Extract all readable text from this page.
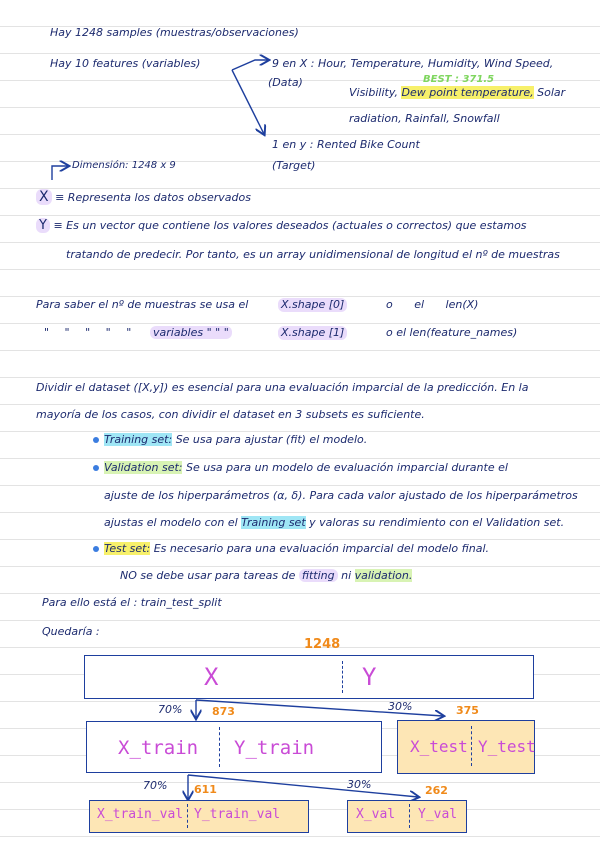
Hay 1248 samples (muestras/observaciones)
Hay 10 features (variables)	9 en X : Hour, Temperature, Humidity, Wind Speed,
Visibility, Dew point temperature, Solar
BEST : 371.5
radiation, Rainfall, Snowfall
(Data)
1 en y : Rented Bike Count
(Target)
Dimensión: 1248 x 9
X ≡ Representa los datos observados
Y ≡ Es un vector que contiene los valores deseados (actuales o correctos) que estamos
tratando de predecir. Por tanto, es un array unidimensional de longitud el nº de muestras
Para saber el nº de muestras se usa el	X.shape [0]	o el len(X)
" " " " " variables " " "	X.shape [1]	o el len(feature_names)
Dividir el dataset ([X,y]) es esencial para una evaluación imparcial de la predicción. En la
mayoría de los casos, con dividir el dataset en 3 subsets es suficiente.
Training set: Se usa para ajustar (fit) el modelo.
Validation set: Se usa para un modelo de evaluación imparcial durante el
ajuste de los hiperparámetros (α, δ). Para cada valor ajustado de los hiperparámetros
ajustas el modelo con el Training set y valoras su rendimiento con el Validation set.
Test set: Es necesario para una evaluación imparcial del modelo final.
NO se debe usar para tareas de fitting ni validation.
Para ello está el : train_test_split
Quedaría :
1248
X	Y
70%	873	30%	375
X_train Y_train	X_test Y_test
70% 611	30%	262
X_train_val Y_train_val	X_val Y_val
